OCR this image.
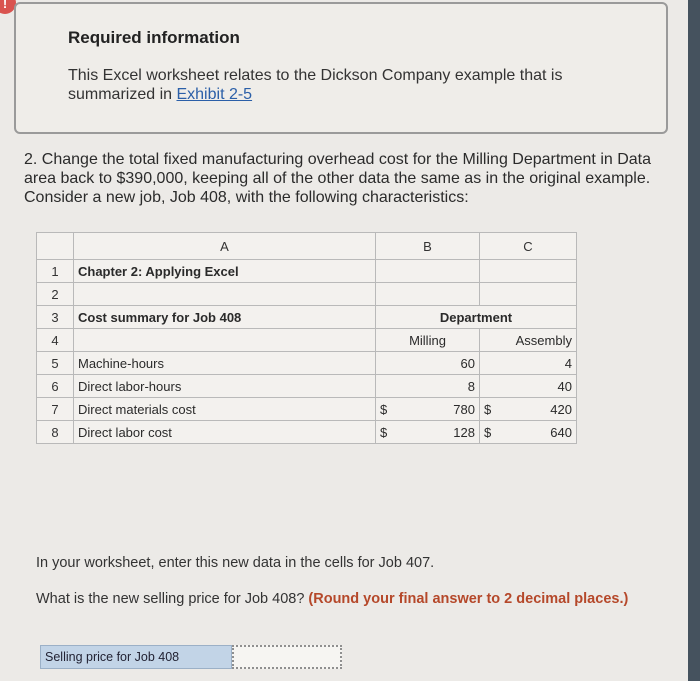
!
Required information
This Excel worksheet relates to the Dickson Company example that is summarized in Exhibit 2-5
2. Change the total fixed manufacturing overhead cost for the Milling Department in Data area back to $390,000, keeping all of the other data the same as in the original example. Consider a new job, Job 408, with the following characteristics:
	A	B	C
1	Chapter 2: Applying Excel		
2			
3	Cost summary for Job 408	Department	
4		Milling	Assembly
5	Machine-hours	60	4
6	Direct labor-hours	8	40
7	Direct materials cost	$ 780	$ 420

8	Direct labor cost	$ 128	$ 640
In your worksheet, enter this new data in the cells for Job 407.
What is the new selling price for Job 408? (Round your final answer to 2 decimal places.)
Selling price for Job 408
